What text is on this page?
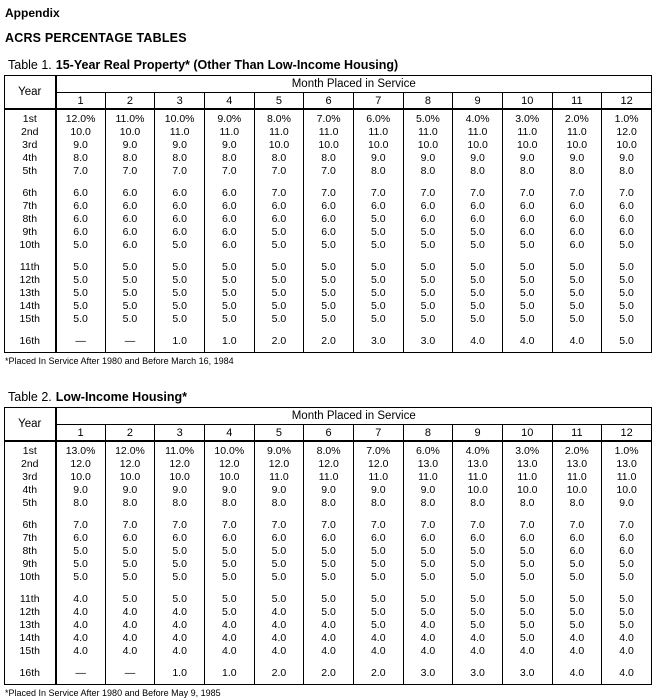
Appendix
ACRS PERCENTAGE TABLES
Table 1. 15-Year Real Property* (Other Than Low-Income Housing)
Year	Month Placed in Service											
	1	2	3	4	5	6	7	8	9	10	11	12
1st	12.0%	11.0%	10.0%	9.0%	8.0%	7.0%	6.0%	5.0%	4.0%	3.0%	2.0%	1.0%
2nd	10.0	10.0	11.0	11.0	11.0	11.0	11.0	11.0	11.0	11.0	11.0	12.0
3rd	9.0	9.0	9.0	9.0	10.0	10.0	10.0	10.0	10.0	10.0	10.0	10.0
4th	8.0	8.0	8.0	8.0	8.0	8.0	9.0	9.0	9.0	9.0	9.0	9.0
5th	7.0	7.0	7.0	7.0	7.0	7.0	8.0	8.0	8.0	8.0	8.0	8.0

6th	6.0	6.0	6.0	6.0	7.0	7.0	7.0	7.0	7.0	7.0	7.0	7.0
7th	6.0	6.0	6.0	6.0	6.0	6.0	6.0	6.0	6.0	6.0	6.0	6.0
8th	6.0	6.0	6.0	6.0	6.0	6.0	5.0	6.0	6.0	6.0	6.0	6.0
9th	6.0	6.0	6.0	6.0	5.0	6.0	5.0	5.0	5.0	6.0	6.0	6.0
10th	5.0	6.0	5.0	6.0	5.0	5.0	5.0	5.0	5.0	5.0	6.0	5.0

11th	5.0	5.0	5.0	5.0	5.0	5.0	5.0	5.0	5.0	5.0	5.0	5.0
12th	5.0	5.0	5.0	5.0	5.0	5.0	5.0	5.0	5.0	5.0	5.0	5.0
13th	5.0	5.0	5.0	5.0	5.0	5.0	5.0	5.0	5.0	5.0	5.0	5.0
14th	5.0	5.0	5.0	5.0	5.0	5.0	5.0	5.0	5.0	5.0	5.0	5.0
15th	5.0	5.0	5.0	5.0	5.0	5.0	5.0	5.0	5.0	5.0	5.0	5.0

16th	—	—	1.0	1.0	2.0	2.0	3.0	3.0	4.0	4.0	4.0	5.0
*Placed In Service After 1980 and Before March 16, 1984
Table 2. Low-Income Housing*
Year	Month Placed in Service											
	1	2	3	4	5	6	7	8	9	10	11	12
1st	13.0%	12.0%	11.0%	10.0%	9.0%	8.0%	7.0%	6.0%	4.0%	3.0%	2.0%	1.0%
2nd	12.0	12.0	12.0	12.0	12.0	12.0	12.0	13.0	13.0	13.0	13.0	13.0
3rd	10.0	10.0	10.0	10.0	11.0	11.0	11.0	11.0	11.0	11.0	11.0	11.0
4th	9.0	9.0	9.0	9.0	9.0	9.0	9.0	9.0	10.0	10.0	10.0	10.0
5th	8.0	8.0	8.0	8.0	8.0	8.0	8.0	8.0	8.0	8.0	8.0	9.0

6th	7.0	7.0	7.0	7.0	7.0	7.0	7.0	7.0	7.0	7.0	7.0	7.0
7th	6.0	6.0	6.0	6.0	6.0	6.0	6.0	6.0	6.0	6.0	6.0	6.0
8th	5.0	5.0	5.0	5.0	5.0	5.0	5.0	5.0	5.0	5.0	6.0	6.0
9th	5.0	5.0	5.0	5.0	5.0	5.0	5.0	5.0	5.0	5.0	5.0	5.0
10th	5.0	5.0	5.0	5.0	5.0	5.0	5.0	5.0	5.0	5.0	5.0	5.0

11th	4.0	5.0	5.0	5.0	5.0	5.0	5.0	5.0	5.0	5.0	5.0	5.0
12th	4.0	4.0	4.0	5.0	4.0	5.0	5.0	5.0	5.0	5.0	5.0	5.0
13th	4.0	4.0	4.0	4.0	4.0	4.0	5.0	4.0	5.0	5.0	5.0	5.0
14th	4.0	4.0	4.0	4.0	4.0	4.0	4.0	4.0	4.0	5.0	4.0	4.0
15th	4.0	4.0	4.0	4.0	4.0	4.0	4.0	4.0	4.0	4.0	4.0	4.0

16th	—	—	1.0	1.0	2.0	2.0	2.0	3.0	3.0	3.0	4.0	4.0
*Placed In Service After 1980 and Before May 9, 1985
